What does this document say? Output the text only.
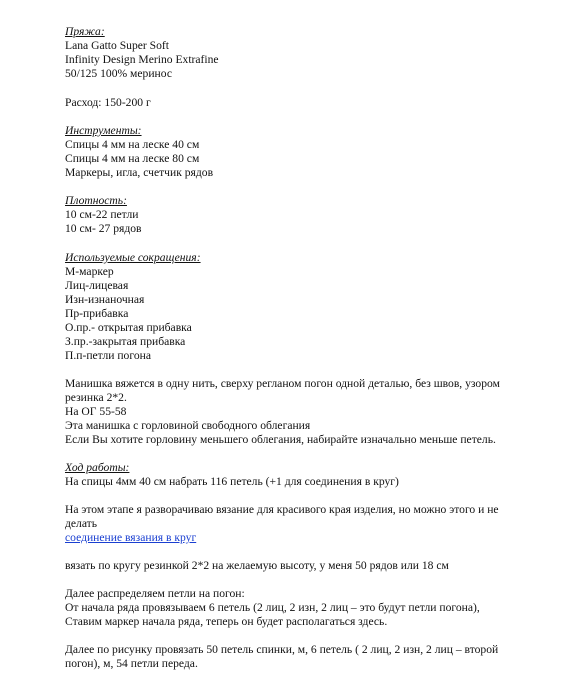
Пряжа:
Lana Gatto Super Soft
Infinity Design Merino Extrafine
50/125 100% меринос
Расход: 150-200 г
Инструменты:
Спицы 4 мм на леске 40 см
Спицы 4 мм на леске 80 см
Маркеры, игла, счетчик рядов
Плотность:
10 см-22 петли
10 см- 27 рядов
Используемые сокращения:
М-маркер
Лиц-лицевая
Изн-изнаночная
Пр-прибавка
О.пр.- открытая прибавка
З.пр.-закрытая прибавка
П.п-петли погона
Манишка вяжется в одну нить, сверху регланом погон одной деталью, без швов, узором
резинка 2*2.
На ОГ 55-58
Эта манишка с горловиной свободного облегания
Если Вы хотите горловину меньшего облегания, набирайте изначально меньше петель.
Ход работы:
На спицы 4мм 40 см набрать 116 петель (+1 для соединения в круг)
На этом этапе я разворачиваю вязание для красивого края изделия, но можно этого и не
делать
соединение вязания в круг
вязать по кругу резинкой 2*2 на желаемую высоту, у меня 50 рядов или 18 см
Далее распределяем петли на погон:
От начала ряда провязываем 6 петель (2 лиц, 2 изн, 2 лиц – это будут петли погона),
Ставим маркер начала ряда, теперь он будет располагаться здесь.
Далее по рисунку провязать 50 петель спинки, м, 6 петель ( 2 лиц, 2 изн, 2 лиц – второй
погон), м, 54 петли переда.
